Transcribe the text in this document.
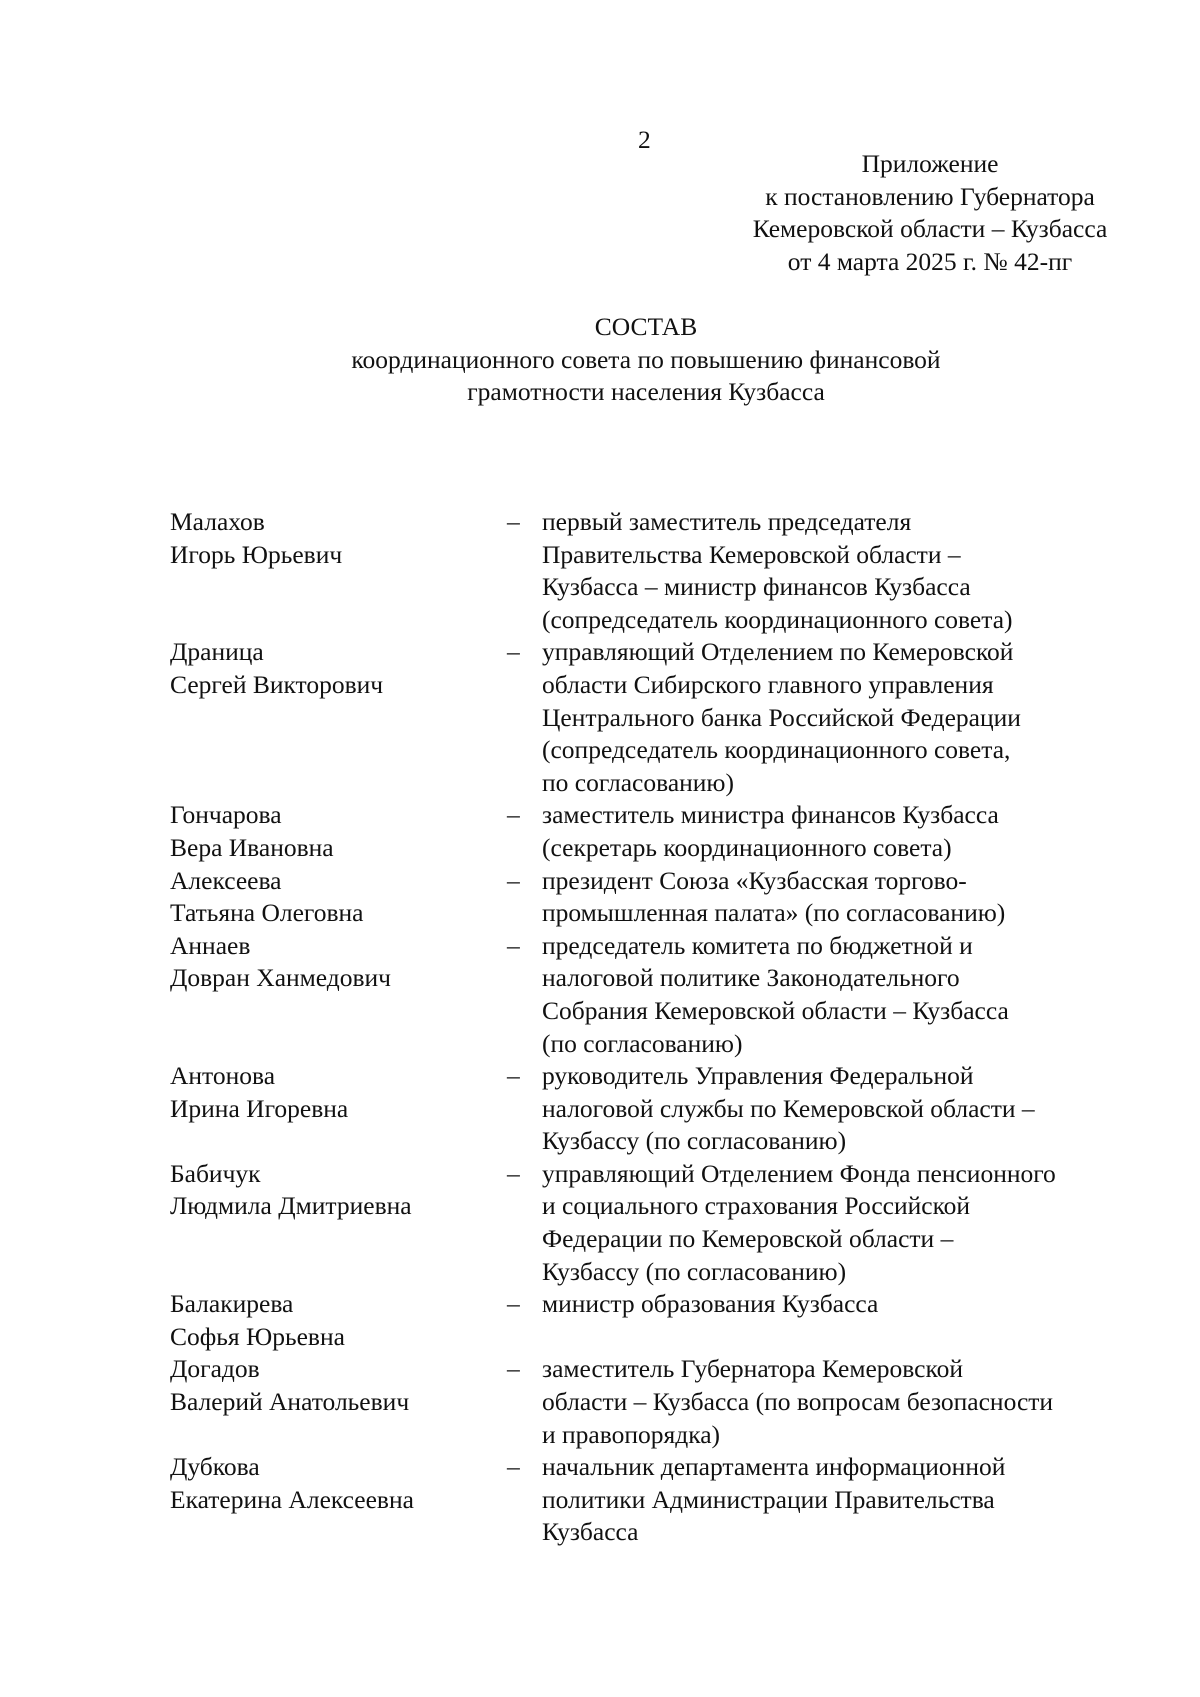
2
Приложение
к постановлению Губернатора
Кемеровской области – Кузбасса
от 4 марта 2025 г. № 42-пг
СОСТАВ
координационного совета по повышению финансовой
грамотности населения Кузбасса
Малахов
Игорь Юрьевич
– первый заместитель председателя
Правительства Кемеровской области –
Кузбасса – министр финансов Кузбасса
(сопредседатель координационного совета)
Драница
Сергей Викторович
– управляющий Отделением по Кемеровской
области Сибирского главного управления
Центрального банка Российской Федерации
(сопредседатель координационного совета,
по согласованию)
Гончарова
Вера Ивановна
– заместитель министра финансов Кузбасса
(секретарь координационного совета)
Алексеева
Татьяна Олеговна
– президент Союза «Кузбасская торгово-
промышленная палата» (по согласованию)
Аннаев
Довран Ханмедович
– председатель комитета по бюджетной и
налоговой политике Законодательного
Собрания Кемеровской области – Кузбасса
(по согласованию)
Антонова
Ирина Игоревна
– руководитель Управления Федеральной
налоговой службы по Кемеровской области –
Кузбассу (по согласованию)
Бабичук
Людмила Дмитриевна
– управляющий Отделением Фонда пенсионного
и социального страхования Российской
Федерации по Кемеровской области –
Кузбассу (по согласованию)
Балакирева
Софья Юрьевна
– министр образования Кузбасса

Догадов
Валерий Анатольевич
– заместитель Губернатора Кемеровской
области – Кузбасса (по вопросам безопасности
и правопорядка)
Дубкова
Екатерина Алексеевна
– начальник департамента информационной
политики Администрации Правительства
Кузбасса
